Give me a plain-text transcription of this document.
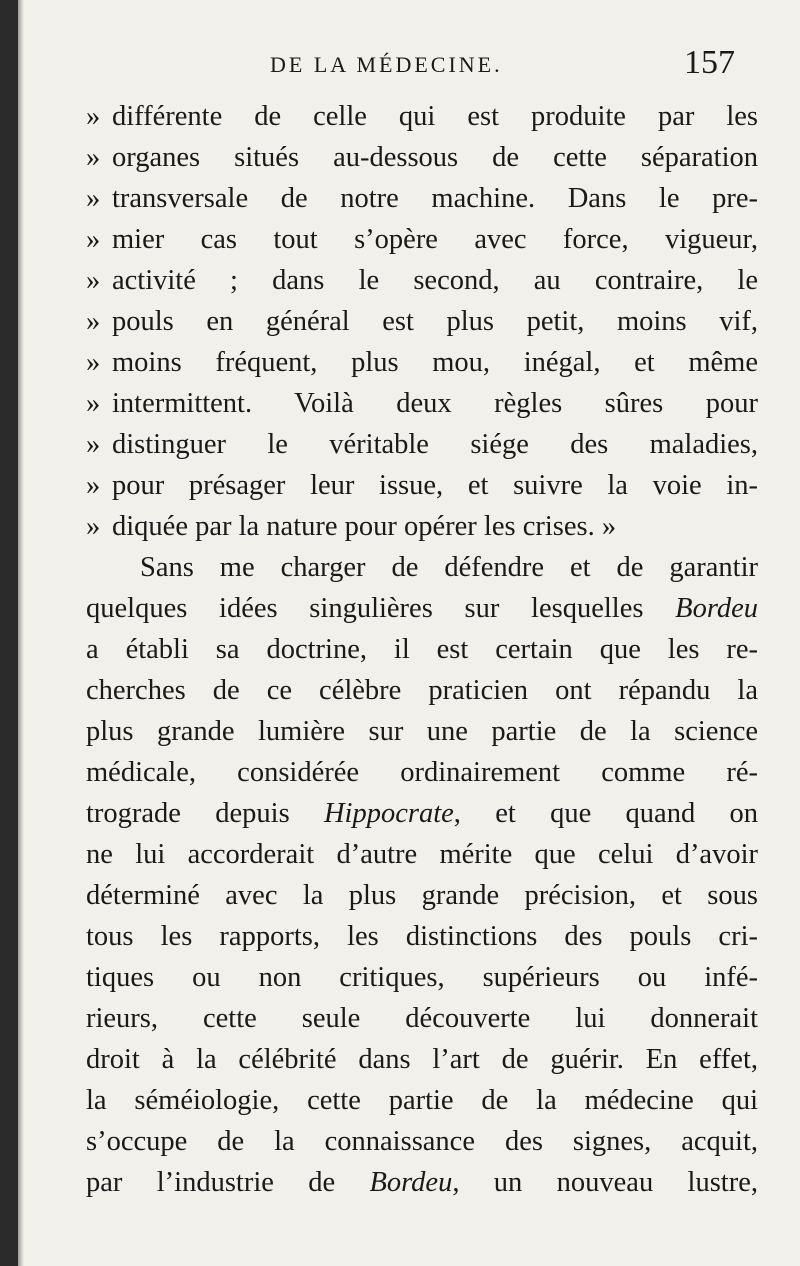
DE LA MÉDECINE.	157
» différente de celle qui est produite par les
» organes situés au-dessous de cette séparation
» transversale de notre machine. Dans le pre-
» mier cas tout s’opère avec force, vigueur,
» activité ; dans le second, au contraire, le
» pouls en général est plus petit, moins vif,
» moins fréquent, plus mou, inégal, et même
» intermittent. Voilà deux règles sûres pour
» distinguer le véritable siége des maladies,
» pour présager leur issue, et suivre la voie in-
» diquée par la nature pour opérer les crises. »
Sans me charger de défendre et de garantir
quelques idées singulières sur lesquelles Bordeu
a établi sa doctrine, il est certain que les re-
cherches de ce célèbre praticien ont répandu la
plus grande lumière sur une partie de la science
médicale, considérée ordinairement comme ré-
trograde depuis Hippocrate, et que quand on
ne lui accorderait d’autre mérite que celui d’avoir
déterminé avec la plus grande précision, et sous
tous les rapports, les distinctions des pouls cri-
tiques ou non critiques, supérieurs ou infé-
rieurs, cette seule découverte lui donnerait
droit à la célébrité dans l’art de guérir. En effet,
la séméiologie, cette partie de la médecine qui
s’occupe de la connaissance des signes, acquit,
par l’industrie de Bordeu, un nouveau lustre,
